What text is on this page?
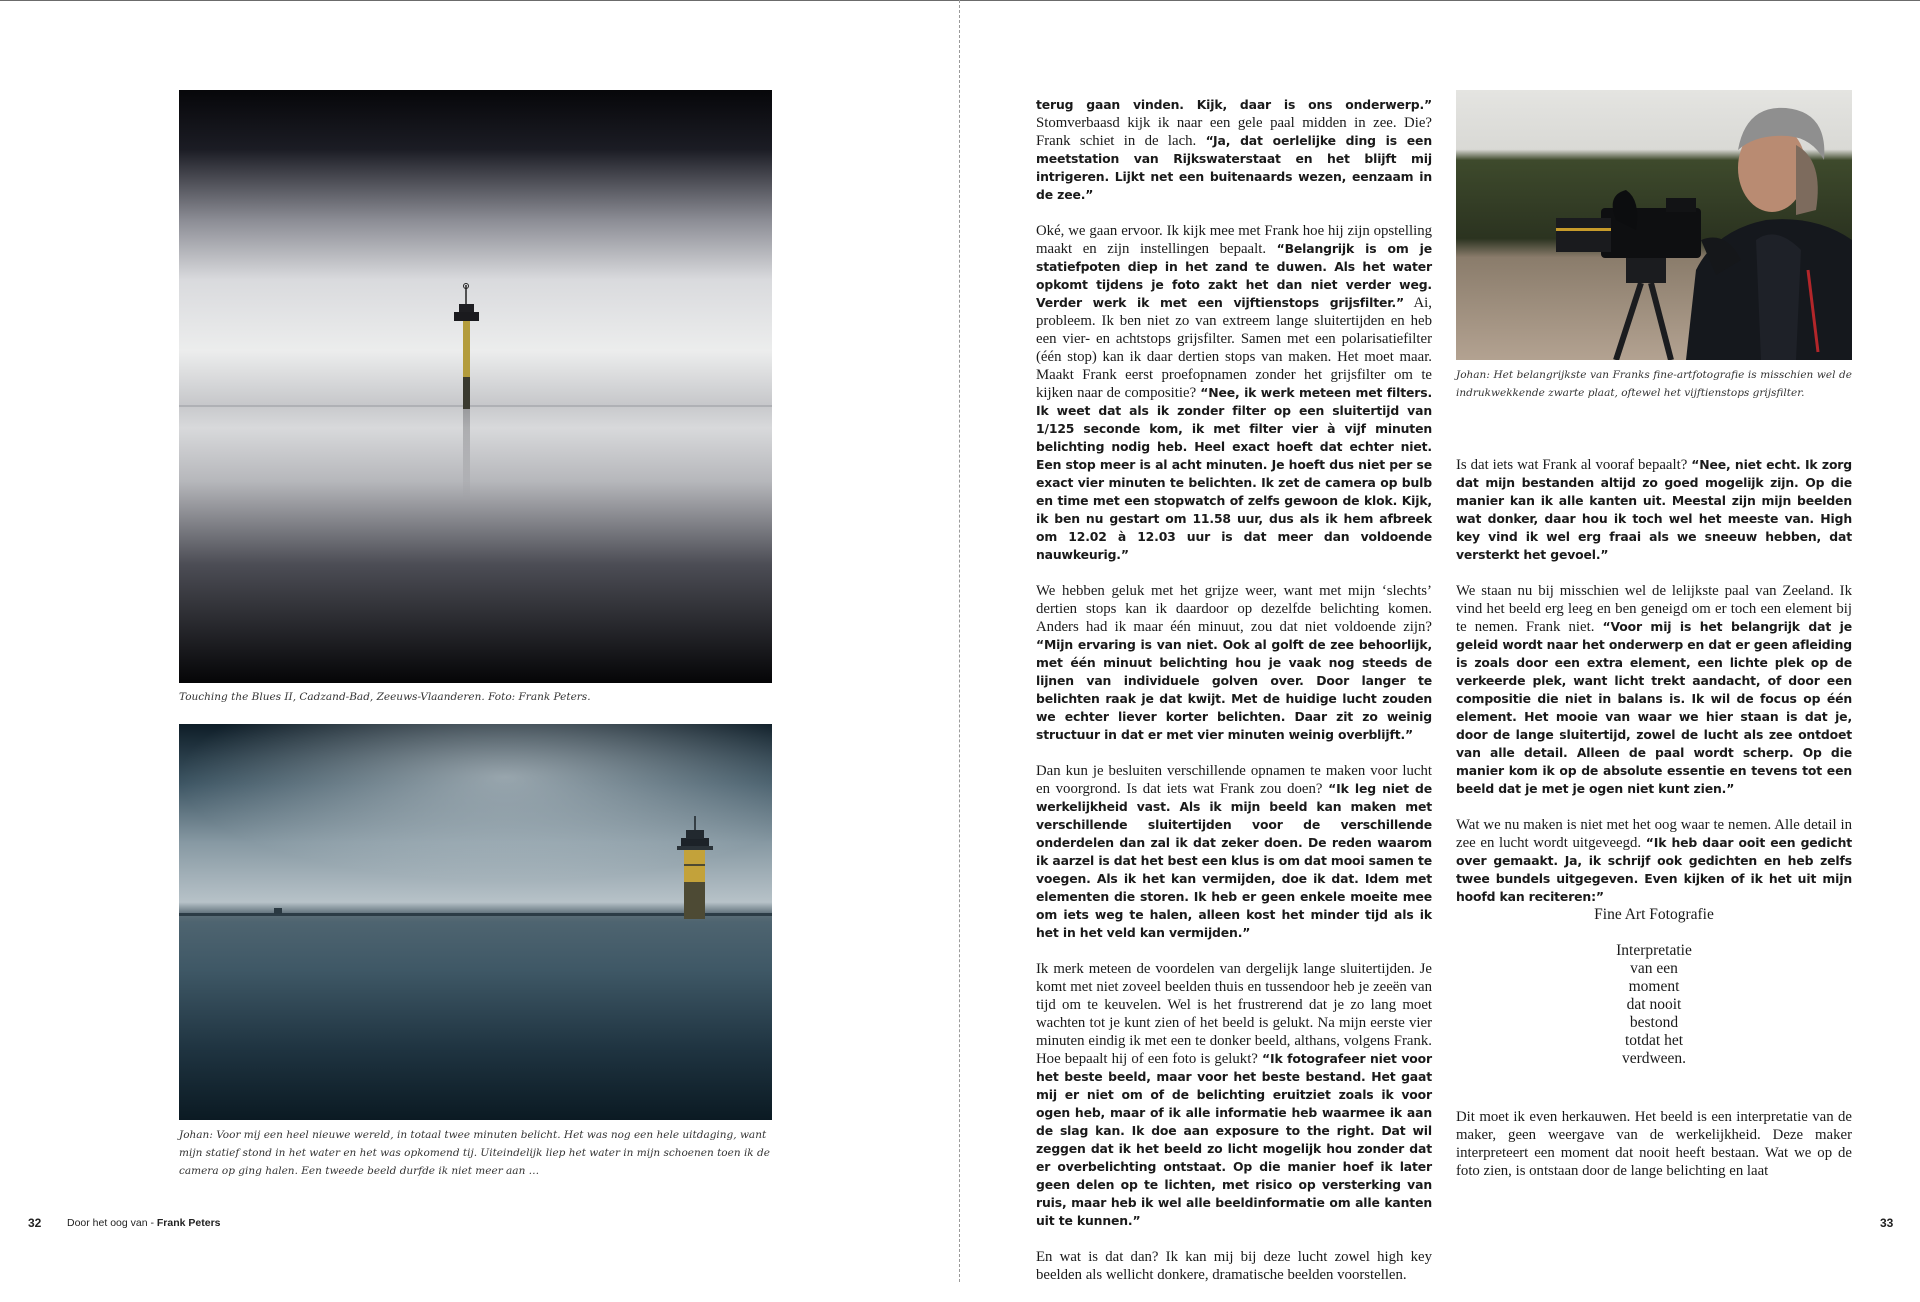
Touching the Blues II, Cadzand-Bad, Zeeuws-Vlaanderen. Foto: Frank Peters.
Johan: Voor mij een heel nieuwe wereld, in totaal twee minuten belicht. Het was nog een hele uitdaging, want mijn statief stond in het water en het was opkomend tij. Uiteindelijk liep het water in mijn schoenen toen ik de camera op ging halen. Een tweede beeld durfde ik niet meer aan …
32 Door het oog van - Frank Peters

terug gaan vinden. Kijk, daar is ons onderwerp.” Stomverbaasd kijk ik naar een gele paal midden in zee. Die? Frank schiet in de lach. “Ja, dat oerlelijke ding is een meetstation van Rijkswaterstaat en het blijft mij intrigeren. Lijkt net een buitenaards wezen, eenzaam in de zee.”

Oké, we gaan ervoor. Ik kijk mee met Frank hoe hij zijn opstelling maakt en zijn instellingen bepaalt. “Belangrijk is om je statiefpoten diep in het zand te duwen. Als het water opkomt tijdens je foto zakt het dan niet verder weg. Verder werk ik met een vijftienstops grijsfilter.” Ai, probleem. Ik ben niet zo van extreem lange sluitertijden en heb een vier- en achtstops grijsfilter. Samen met een polarisatiefilter (één stop) kan ik daar dertien stops van maken. Het moet maar. Maakt Frank eerst proefopnamen zonder het grijsfilter om te kijken naar de compositie? “Nee, ik werk meteen met filters. Ik weet dat als ik zonder filter op een sluitertijd van 1/125 seconde kom, ik met filter vier à vijf minuten belichting nodig heb. Heel exact hoeft dat echter niet. Een stop meer is al acht minuten. Je hoeft dus niet per se exact vier minuten te belichten. Ik zet de camera op bulb en time met een stopwatch of zelfs gewoon de klok. Kijk, ik ben nu gestart om 11.58 uur, dus als ik hem afbreek om 12.02 à 12.03 uur is dat meer dan voldoende nauwkeurig.”

We hebben geluk met het grijze weer, want met mijn ‘slechts’ dertien stops kan ik daardoor op dezelfde belichting komen. Anders had ik maar één minuut, zou dat niet voldoende zijn? “Mijn ervaring is van niet. Ook al golft de zee behoorlijk, met één minuut belichting hou je vaak nog steeds de lijnen van individuele golven over. Door langer te belichten raak je dat kwijt. Met de huidige lucht zouden we echter liever korter belichten. Daar zit zo weinig structuur in dat er met vier minuten weinig overblijft.”

Dan kun je besluiten verschillende opnamen te maken voor lucht en voorgrond. Is dat iets wat Frank zou doen? “Ik leg niet de werkelijkheid vast. Als ik mijn beeld kan maken met verschillende sluitertijden voor de verschillende onderdelen dan zal ik dat zeker doen. De reden waarom ik aarzel is dat het best een klus is om dat mooi samen te voegen. Als ik het kan vermijden, doe ik dat. Idem met elementen die storen. Ik heb er geen enkele moeite mee om iets weg te halen, alleen kost het minder tijd als ik het in het veld kan vermijden.”

Ik merk meteen de voordelen van dergelijk lange sluitertijden. Je komt met niet zoveel beelden thuis en tussendoor heb je zeeën van tijd om te keuvelen. Wel is het frustrerend dat je zo lang moet wachten tot je kunt zien of het beeld is gelukt. Na mijn eerste vier minuten eindig ik met een te donker beeld, althans, volgens Frank. Hoe bepaalt hij of een foto is gelukt? “Ik fotografeer niet voor het beste beeld, maar voor het beste bestand. Het gaat mij er niet om of de belichting eruitziet zoals ik voor ogen heb, maar of ik alle informatie heb waarmee ik aan de slag kan. Ik doe aan exposure to the right. Dat wil zeggen dat ik het beeld zo licht mogelijk hou zonder dat er overbelichting ontstaat. Op die manier hoef ik later geen delen op te lichten, met risico op versterking van ruis, maar heb ik wel alle beeldinformatie om alle kanten uit te kunnen.”

En wat is dat dan? Ik kan mij bij deze lucht zowel high key beelden als wellicht donkere, dramatische beelden voorstellen.

Johan: Het belangrijkste van Franks fine-artfotografie is misschien wel de indrukwekkende zwarte plaat, oftewel het vijftienstops grijsfilter.

Is dat iets wat Frank al vooraf bepaalt? “Nee, niet echt. Ik zorg dat mijn bestanden altijd zo goed mogelijk zijn. Op die manier kan ik alle kanten uit. Meestal zijn mijn beelden wat donker, daar hou ik toch wel het meeste van. High key vind ik wel erg fraai als we sneeuw hebben, dat versterkt het gevoel.”

We staan nu bij misschien wel de lelijkste paal van Zeeland. Ik vind het beeld erg leeg en ben geneigd om er toch een element bij te nemen. Frank niet. “Voor mij is het belangrijk dat je geleid wordt naar het onderwerp en dat er geen afleiding is zoals door een extra element, een lichte plek op de verkeerde plek, want licht trekt aandacht, of door een compositie die niet in balans is. Ik wil de focus op één element. Het mooie van waar we hier staan is dat je, door de lange sluitertijd, zowel de lucht als zee ontdoet van alle detail. Alleen de paal wordt scherp. Op die manier kom ik op de absolute essentie en tevens tot een beeld dat je met je ogen niet kunt zien.”

Wat we nu maken is niet met het oog waar te nemen. Alle detail in zee en lucht wordt uitgeveegd. “Ik heb daar ooit een gedicht over gemaakt. Ja, ik schrijf ook gedichten en heb zelfs twee bundels uitgegeven. Even kijken of ik het uit mijn hoofd kan reciteren:”

Fine Art Fotografie
Interpretatie
van een
moment
dat nooit
bestond
totdat het
verdween.

Dit moet ik even herkauwen. Het beeld is een interpretatie van de maker, geen weergave van de werkelijkheid. Deze maker interpreteert een moment dat nooit heeft bestaan. Wat we op de foto zien, is ontstaan door de lange belichting en laat

33
